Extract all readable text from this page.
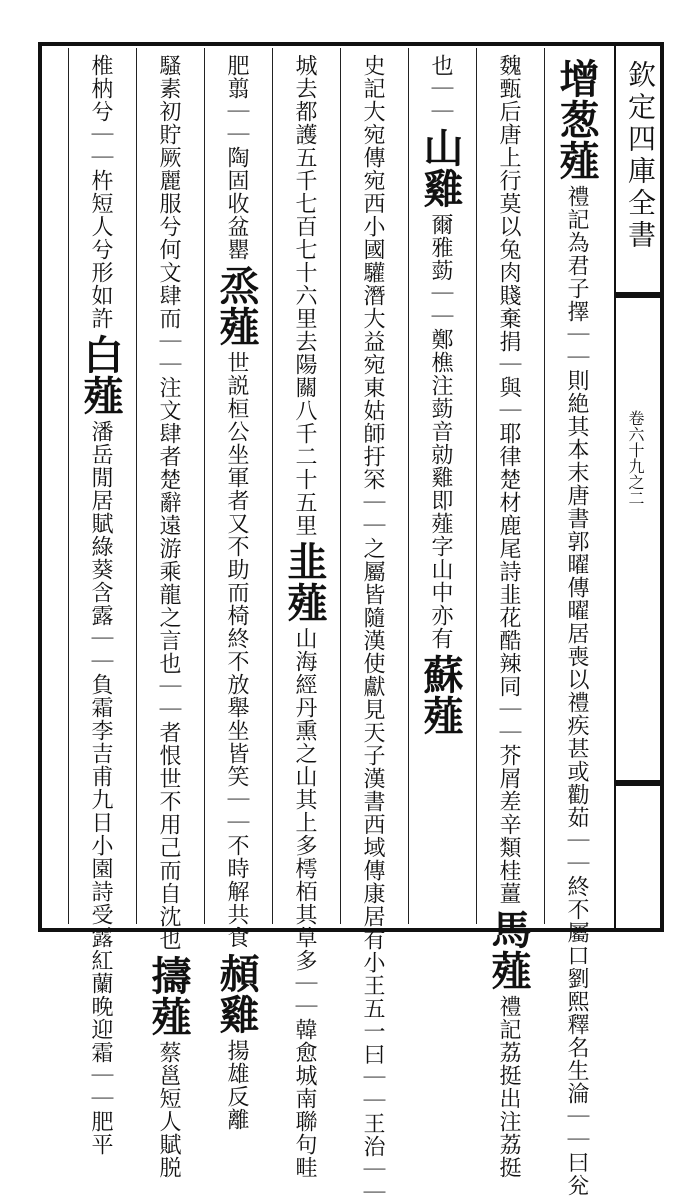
欽定四庫全書
卷六十九之二
增葱薤
禮記為君子擇｜｜則絶其本末唐書郭曜傳曜居喪以禮疾甚或勸茹｜｜終不屬口劉熙釋名生淪｜｜曰兊
魏甄后唐上行莫以兔肉賤棄捐｜與｜耶律楚材鹿尾詩韭花酷辣同｜｜芥屑差辛類桂薑
馬薤
禮記荔挺出注荔挺
也｜｜
山雞
爾雅葝｜｜鄭樵注葝音勍雞即薤字山中亦有
蘇薤
史記大宛傳宛西小國驩潛大益宛東姑師扜罙｜｜之屬皆隨漢使獻見天子漢書西域傳康居有小王五一曰｜｜王治｜｜
城去都護五千七百七十六里去陽關八千二十五里
韭薤
山海經丹熏之山其上多樗栢其草多｜｜韓愈城南聯句畦
肥翦｜｜陶固收盆罌
烝薤
世説桓公坐軍者又不助而椅終不放舉坐皆笑｜｜不時解共食
頳雞
揚雄反離
騷素初貯厥麗服兮何文肆而｜｜注文肆者楚辭遠游乘龍之言也｜｜者恨世不用己而自沈也
擣薤
蔡邕短人賦脱
椎枘兮｜｜杵短人兮形如許
白薤
潘岳閒居賦綠葵含露｜｜負霜李吉甫九日小園詩受露紅蘭晚迎霜｜｜肥平
